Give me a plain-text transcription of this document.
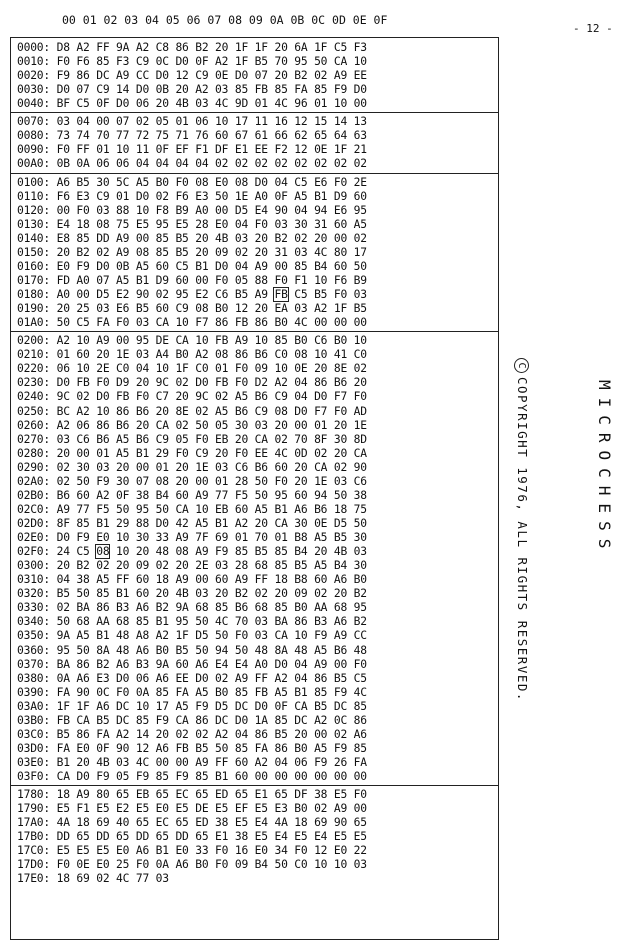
00 01 02 03 04 05 06 07 08 09 0A 0B 0C 0D 0E 0F
- 12 -
0000: D8 A2 FF 9A A2 C8 86 B2 20 1F 1F 20 6A 1F C5 F3
0010: F0 F6 85 F3 C9 0C D0 0F A2 1F B5 70 95 50 CA 10
0020: F9 86 DC A9 CC D0 12 C9 0E D0 07 20 B2 02 A9 EE
0030: D0 07 C9 14 D0 0B 20 A2 03 85 FB 85 FA 85 F9 D0
0040: BF C5 0F D0 06 20 4B 03 4C 9D 01 4C 96 01 10 00
0070: 03 04 00 07 02 05 01 06 10 17 11 16 12 15 14 13
0080: 73 74 70 77 72 75 71 76 60 67 61 66 62 65 64 63
0090: F0 FF 01 10 11 0F EF F1 DF E1 EE F2 12 0E 1F 21
00A0: 0B 0A 06 06 04 04 04 04 02 02 02 02 02 02 02 02
0100: A6 B5 30 5C A5 B0 F0 08 E0 08 D0 04 C5 E6 F0 2E
0110: F6 E3 C9 01 D0 02 F6 E3 50 1E A0 0F A5 B1 D9 60
0120: 00 F0 03 88 10 F8 B9 A0 00 D5 E4 90 04 94 E6 95
0130: E4 18 08 75 E5 95 E5 28 E0 04 F0 03 30 31 60 A5
0140: E8 85 DD A9 00 85 B5 20 4B 03 20 B2 02 20 00 02
0150: 20 B2 02 A9 08 85 B5 20 09 02 20 31 03 4C 80 17
0160: E0 F9 D0 0B A5 60 C5 B1 D0 04 A9 00 85 B4 60 50
0170: FD A0 07 A5 B1 D9 60 00 F0 05 88 F0 F1 10 F6 B9
0180: A0 00 D5 E2 90 02 95 E2 C6 B5 A9 FB C5 B5 F0 03
0190: 20 25 03 E6 B5 60 C9 08 B0 12 20 EA 03 A2 1F B5
01A0: 50 C5 FA F0 03 CA 10 F7 86 FB 86 B0 4C 00 00 00
0200: A2 10 A9 00 95 DE CA 10 FB A9 10 85 B0 C6 B0 10
0210: 01 60 20 1E 03 A4 B0 A2 08 86 B6 C0 08 10 41 C0
0220: 06 10 2E C0 04 10 1F C0 01 F0 09 10 0E 20 8E 02
0230: D0 FB F0 D9 20 9C 02 D0 FB F0 D2 A2 04 86 B6 20
0240: 9C 02 D0 FB F0 C7 20 9C 02 A5 B6 C9 04 D0 F7 F0
0250: BC A2 10 86 B6 20 8E 02 A5 B6 C9 08 D0 F7 F0 AD
0260: A2 06 86 B6 20 CA 02 50 05 30 03 20 00 01 20 1E
0270: 03 C6 B6 A5 B6 C9 05 F0 EB 20 CA 02 70 8F 30 8D
0280: 20 00 01 A5 B1 29 F0 C9 20 F0 EE 4C 0D 02 20 CA
0290: 02 30 03 20 00 01 20 1E 03 C6 B6 60 20 CA 02 90
02A0: 02 50 F9 30 07 08 20 00 01 28 50 F0 20 1E 03 C6
02B0: B6 60 A2 0F 38 B4 60 A9 77 F5 50 95 60 94 50 38
02C0: A9 77 F5 50 95 50 CA 10 EB 60 A5 B1 A6 B6 18 75
02D0: 8F 85 B1 29 88 D0 42 A5 B1 A2 20 CA 30 0E D5 50
02E0: D0 F9 E0 10 30 33 A9 7F 69 01 70 01 B8 A5 B5 30
02F0: 24 C5 08 10 20 48 08 A9 F9 85 B5 85 B4 20 4B 03
0300: 20 B2 02 20 09 02 20 2E 03 28 68 85 B5 A5 B4 30
0310: 04 38 A5 FF 60 18 A9 00 60 A9 FF 18 B8 60 A6 B0
0320: B5 50 85 B1 60 20 4B 03 20 B2 02 20 09 02 20 B2
0330: 02 BA 86 B3 A6 B2 9A 68 85 B6 68 85 B0 AA 68 95
0340: 50 68 AA 68 85 B1 95 50 4C 70 03 BA 86 B3 A6 B2
0350: 9A A5 B1 48 A8 A2 1F D5 50 F0 03 CA 10 F9 A9 CC
0360: 95 50 8A 48 A6 B0 B5 50 94 50 48 8A 48 A5 B6 48
0370: BA 86 B2 A6 B3 9A 60 A6 E4 E4 A0 D0 04 A9 00 F0
0380: 0A A6 E3 D0 06 A6 EE D0 02 A9 FF A2 04 86 B5 C5
0390: FA 90 0C F0 0A 85 FA A5 B0 85 FB A5 B1 85 F9 4C
03A0: 1F 1F A6 DC 10 17 A5 F9 D5 DC D0 0F CA B5 DC 85
03B0: FB CA B5 DC 85 F9 CA 86 DC D0 1A 85 DC A2 0C 86
03C0: B5 86 FA A2 14 20 02 02 A2 04 86 B5 20 00 02 A6
03D0: FA E0 0F 90 12 A6 FB B5 50 85 FA 86 B0 A5 F9 85
03E0: B1 20 4B 03 4C 00 00 A9 FF 60 A2 04 06 F9 26 FA
03F0: CA D0 F9 05 F9 85 F9 85 B1 60 00 00 00 00 00 00
1780: 18 A9 80 65 EB 65 EC 65 ED 65 E1 65 DF 38 E5 F0
1790: E5 F1 E5 E2 E5 E0 E5 DE E5 EF E5 E3 B0 02 A9 00
17A0: 4A 18 69 40 65 EC 65 ED 38 E5 E4 4A 18 69 90 65
17B0: DD 65 DD 65 DD 65 DD 65 E1 38 E5 E4 E5 E4 E5 E5
17C0: E5 E5 E5 E0 A6 B1 E0 33 F0 16 E0 34 F0 12 E0 22
17D0: F0 0E E0 25 F0 0A A6 B0 F0 09 B4 50 C0 10 10 03
17E0: 18 69 02 4C 77 03
CCOPYRIGHT 1976, ALL RIGHTS RESERVED.	MICROCHESS
